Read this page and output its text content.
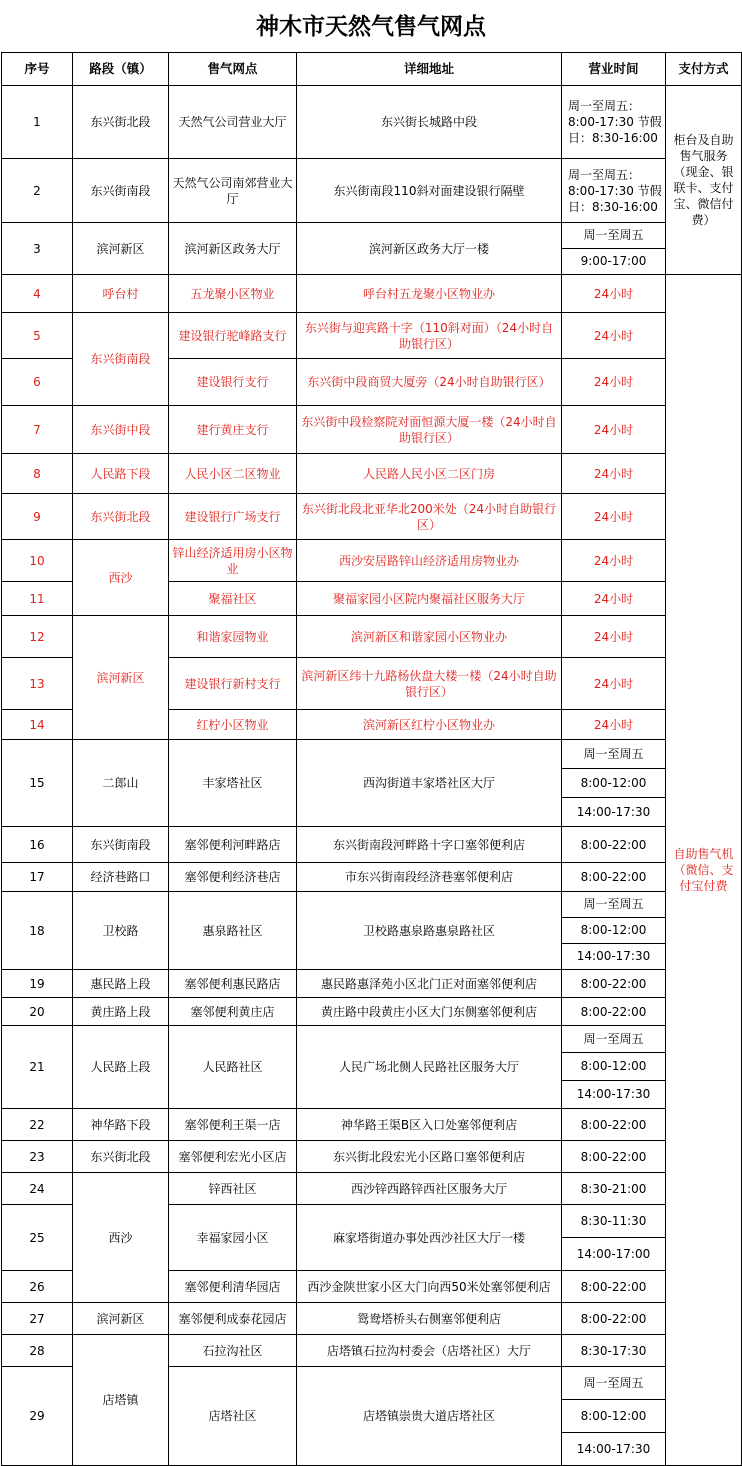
神木市天然气售气网点
序号	路段（镇）	售气网点	详细地址	营业时间	支付方式
1	东兴街北段	天然气公司营业大厅	东兴街长城路中段	周一至周五：8:00-17:30 节假日：8:30-16:00	柜台及自助售气服务（现金、银联卡、支付宝、微信付费）
2	东兴街南段	天然气公司南郊营业大厅	东兴街南段110斜对面建设银行隔壁	周一至周五：8:00-17:30 节假日：8:30-16:00	

3	滨河新区	滨河新区政务大厅	滨河新区政务大厅一楼	周一至周五
9:00-17:00	

4	呼台村	五龙聚小区物业	呼台村五龙聚小区物业办	24小时	自助售气机（微信、支付宝付费
5	东兴街南段	建设银行驼峰路支行	东兴街与迎宾路十字（110斜对面）（24小时自助银行区）	24小时	

6		建设银行支行	东兴街中段商贸大厦旁（24小时自助银行区）	24小时	

7	东兴街中段	建行黄庄支行	东兴街中段检察院对面恒源大厦一楼（24小时自助银行区）	24小时	

8	人民路下段	人民小区二区物业	人民路人民小区二区门房	24小时	

9	东兴街北段	建设银行广场支行	东兴街北段北亚华北200米处（24小时自助银行区）	24小时	

10	西沙	锌山经济适用房小区物业	西沙安居路锌山经济适用房物业办	24小时	

11		聚福社区	聚福家园小区院内聚福社区服务大厅	24小时	

12	滨河新区	和谐家园物业	滨河新区和谐家园小区物业办	24小时	

13		建设银行新村支行	滨河新区纬十九路杨伙盘大楼一楼（24小时自助银行区）	24小时	

14		红柠小区物业	滨河新区红柠小区物业办	24小时	

15	二郎山	丰家塔社区	西沟街道丰家塔社区大厅	周一至周五
8:00-12:00
14:00-17:30	

16	东兴街南段	塞邻便利河畔路店	东兴街南段河畔路十字口塞邻便利店	8:00-22:00	

17	经济巷路口	塞邻便利经济巷店	市东兴街南段经济巷塞邻便利店	8:00-22:00	

18	卫校路	惠泉路社区	卫校路惠泉路惠泉路社区	周一至周五
8:00-12:00
14:00-17:30	

19	惠民路上段	塞邻便利惠民路店	惠民路惠泽苑小区北门正对面塞邻便利店	8:00-22:00	

20	黄庄路上段	塞邻便利黄庄店	黄庄路中段黄庄小区大门东侧塞邻便利店	8:00-22:00	

21	人民路上段	人民路社区	人民广场北侧人民路社区服务大厅	周一至周五
8:00-12:00
14:00-17:30	

22	神华路下段	塞邻便利王渠一店	神华路王渠B区入口处塞邻便利店	8:00-22:00	

23	东兴街北段	塞邻便利宏光小区店	东兴街北段宏光小区路口塞邻便利店	8:00-22:00	

24	西沙	锌西社区	西沙锌西路锌西社区服务大厅	8:30-21:00	

25		幸福家园小区	麻家塔街道办事处西沙社区大厅一楼	8:30-11:30
14:00-17:00	

26		塞邻便利清华园店	西沙金陕世家小区大门向西50米处塞邻便利店	8:00-22:00	

27	滨河新区	塞邻便利成泰花园店	鸳鸯塔桥头右侧塞邻便利店	8:00-22:00	

28	店塔镇	石拉沟社区	店塔镇石拉沟村委会（店塔社区）大厅	8:30-17:30	

29		店塔社区	店塔镇崇贵大道店塔社区	周一至周五
8:00-12:00
14:00-17:30	
